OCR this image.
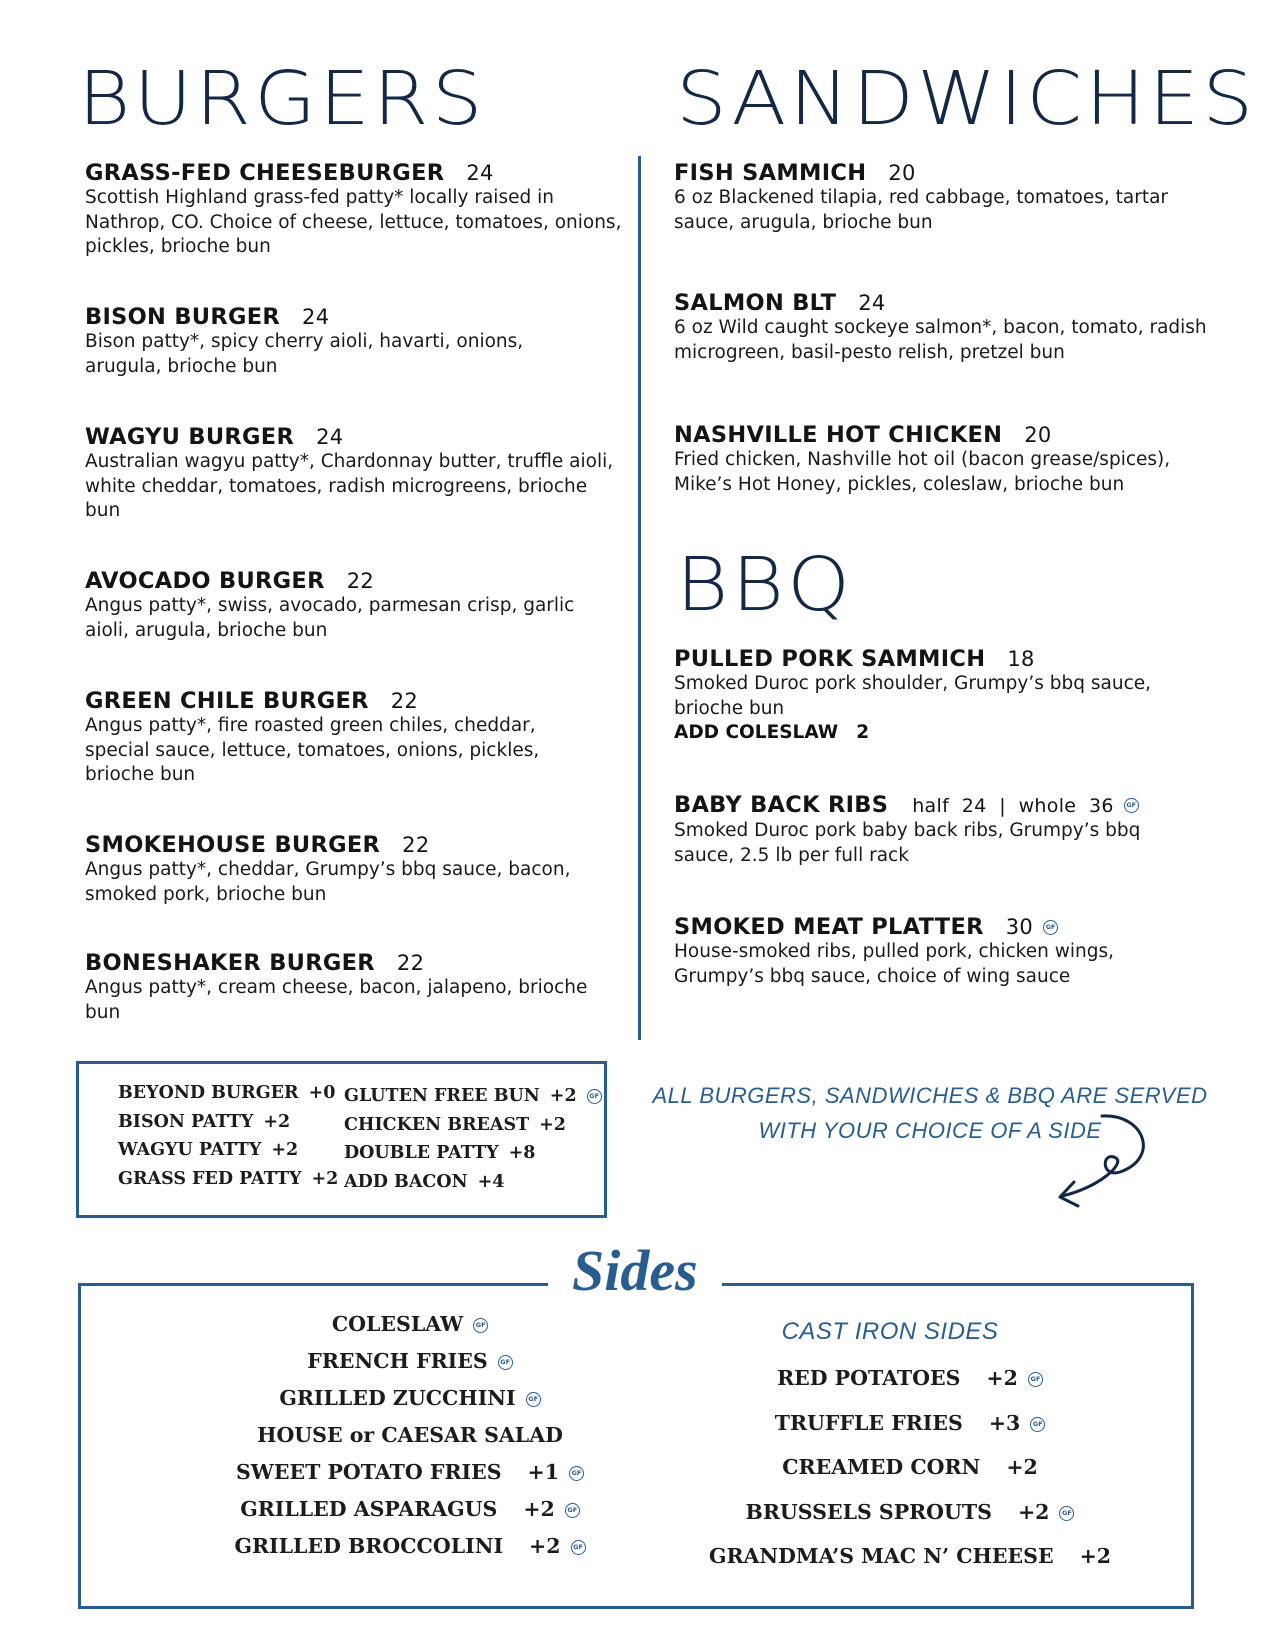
BURGERS	SANDWICHES
BBQ
GRASS-FED CHEESEBURGER 24
Scottish Highland grass-fed patty* locally raised in Nathrop, CO. Choice of cheese, lettuce, tomatoes, onions, pickles, brioche bun
BISON BURGER 24
Bison patty*, spicy cherry aioli, havarti, onions, arugula, brioche bun
WAGYU BURGER 24
Australian wagyu patty*, Chardonnay butter, truffle aioli, white cheddar, tomatoes, radish microgreens, brioche bun
AVOCADO BURGER 22
Angus patty*, swiss, avocado, parmesan crisp, garlic aioli, arugula, brioche bun
GREEN CHILE BURGER 22
Angus patty*, fire roasted green chiles, cheddar, special sauce, lettuce, tomatoes, onions, pickles, brioche bun
SMOKEHOUSE BURGER 22
Angus patty*, cheddar, Grumpy’s bbq sauce, bacon, smoked pork, brioche bun
BONESHAKER BURGER 22
Angus patty*, cream cheese, bacon, jalapeno, brioche bun
FISH SAMMICH 20
6 oz Blackened tilapia, red cabbage, tomatoes, tartar sauce, arugula, brioche bun
SALMON BLT 24
6 oz Wild caught sockeye salmon*, bacon, tomato, radish microgreen, basil-pesto relish, pretzel bun
NASHVILLE HOT CHICKEN 20
Fried chicken, Nashville hot oil (bacon grease/spices), Mike’s Hot Honey, pickles, coleslaw, brioche bun
PULLED PORK SAMMICH 18
Smoked Duroc pork shoulder, Grumpy’s bbq sauce, brioche bun
ADD COLESLAW 2
BABY BACK RIBS half  24  |  whole  36 GF
Smoked Duroc pork baby back ribs, Grumpy’s bbq sauce, 2.5 lb per full rack
SMOKED MEAT PLATTER 30 GF
House-smoked ribs, pulled pork, chicken wings, Grumpy’s bbq sauce, choice of wing sauce
BEYOND BURGER +0
BISON PATTY +2
WAGYU PATTY +2
GRASS FED PATTY +2
GLUTEN FREE BUN +2 GF
CHICKEN BREAST +2
DOUBLE PATTY +8
ADD BACON +4
ALL BURGERS, SANDWICHES & BBQ ARE SERVED
WITH YOUR CHOICE OF A SIDE
Sides
COLESLAW GF
FRENCH FRIES GF
GRILLED ZUCCHINI GF
HOUSE or CAESAR SALAD
SWEET POTATO FRIES +1 GF
GRILLED ASPARAGUS +2 GF
GRILLED BROCCOLINI +2 GF
CAST IRON SIDES
RED POTATOES +2 GF
TRUFFLE FRIES +3 GF
CREAMED CORN +2
BRUSSELS SPROUTS +2 GF
GRANDMA’S MAC N’ CHEESE +2
